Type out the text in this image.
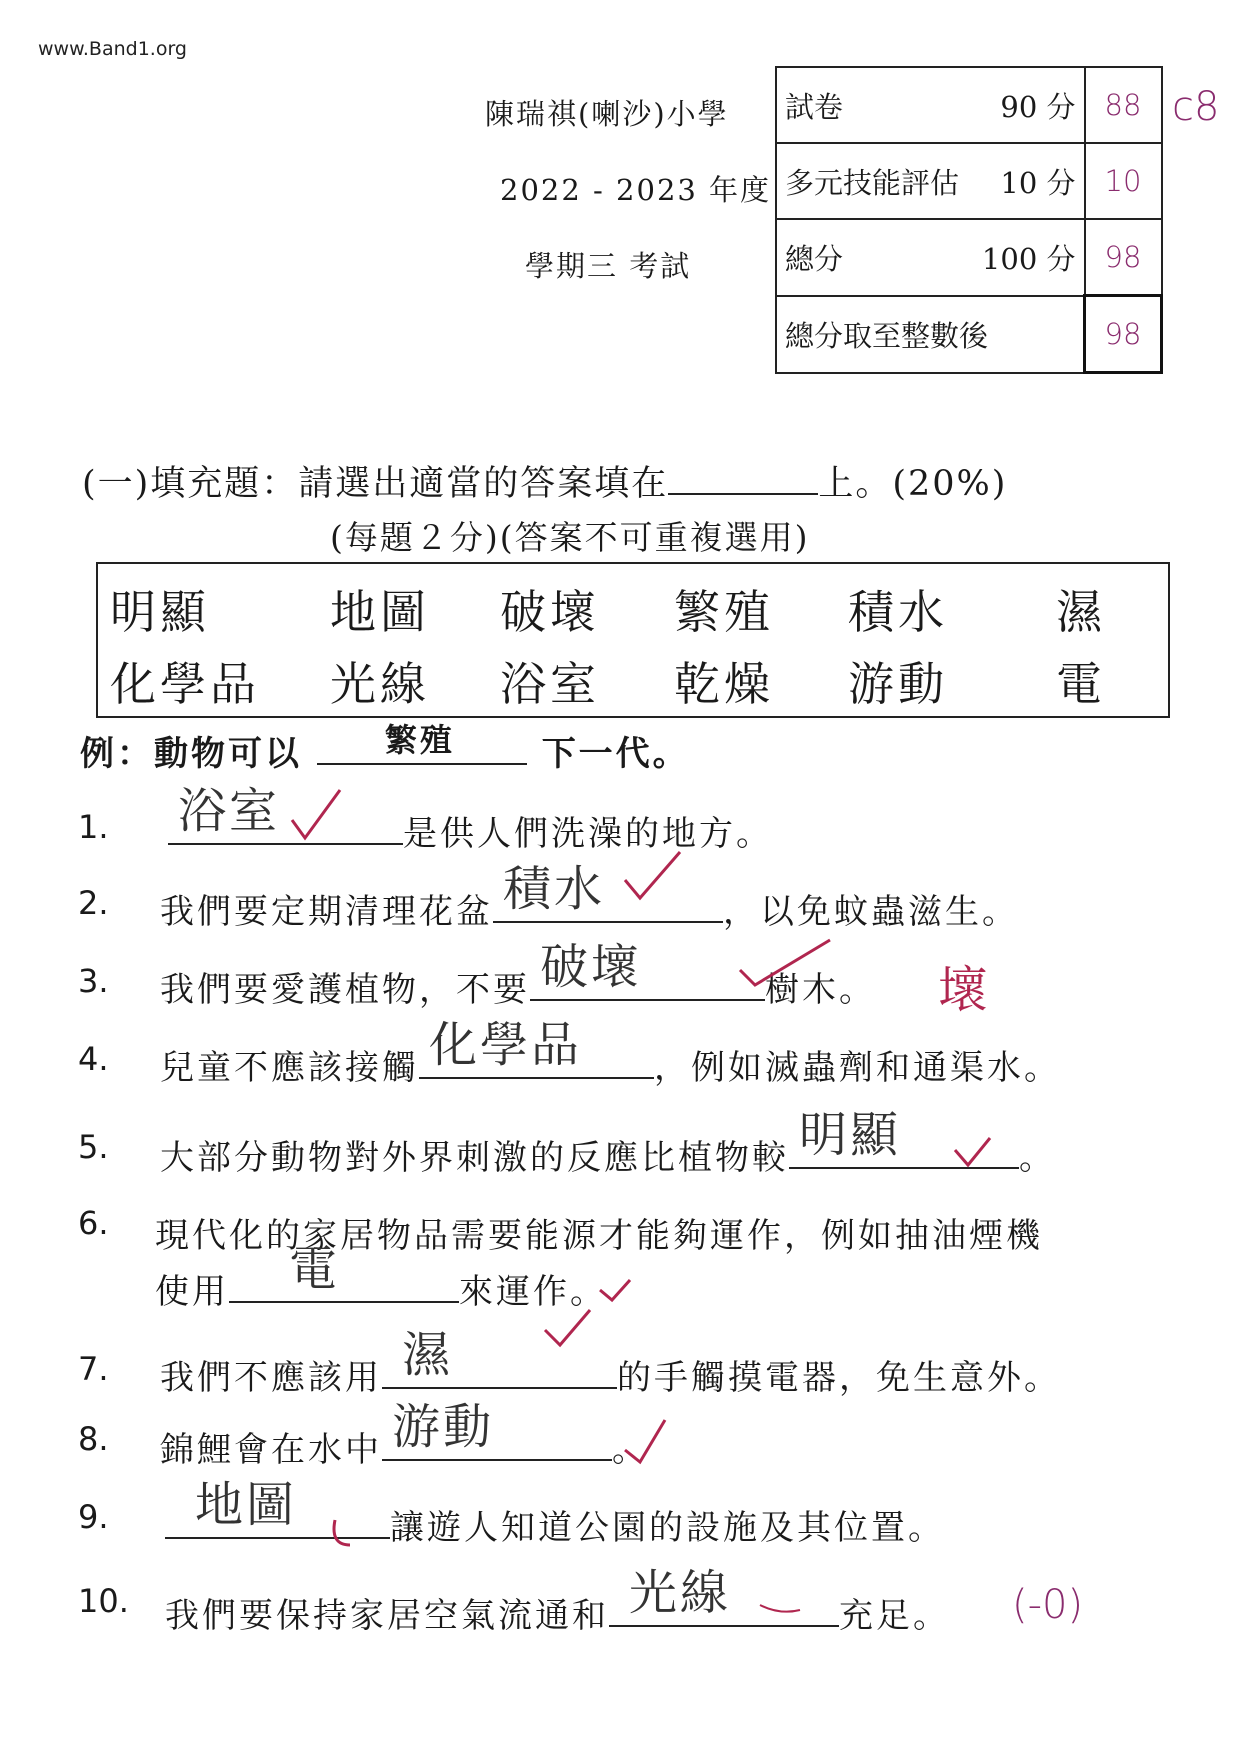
www.Band1.org
陳瑞祺(喇沙)小學
2022 - 2023 年度
學期三 考試
試卷 90 分	88

多元技能評估 10 分	10

總分 100 分	98

總分取至整數後	98
c8
(一)填充題：請選出適當的答案填在	上。(20%)
(每題２分)(答案不可重複選用)
明顯	地圖 破壞 繁殖 積水 濕
化學品 光線 浴室 乾燥 游動 電
例：動物可以	繁殖	下一代。
1. 浴室	是供人們洗澡的地方。
2. 我們要定期清理花盆 積水	，以免蚊蟲滋生。
3. 我們要愛護植物，不要 破壞	樹木。 壞
4. 兒童不應該接觸 化學品 ，例如滅蟲劑和通渠水。
5. 大部分動物對外界刺激的反應比植物較 明顯	。
6. 現代化的家居物品需要能源才能夠運作，例如抽油煙機
使用 電	來運作。
7. 我們不應該用 濕	的手觸摸電器，免生意外。
8. 錦鯉會在水中 游動	。
9. 地圖	讓遊人知道公園的設施及其位置。
10. 我們要保持家居空氣流通和 光線	充足。 (-0)
